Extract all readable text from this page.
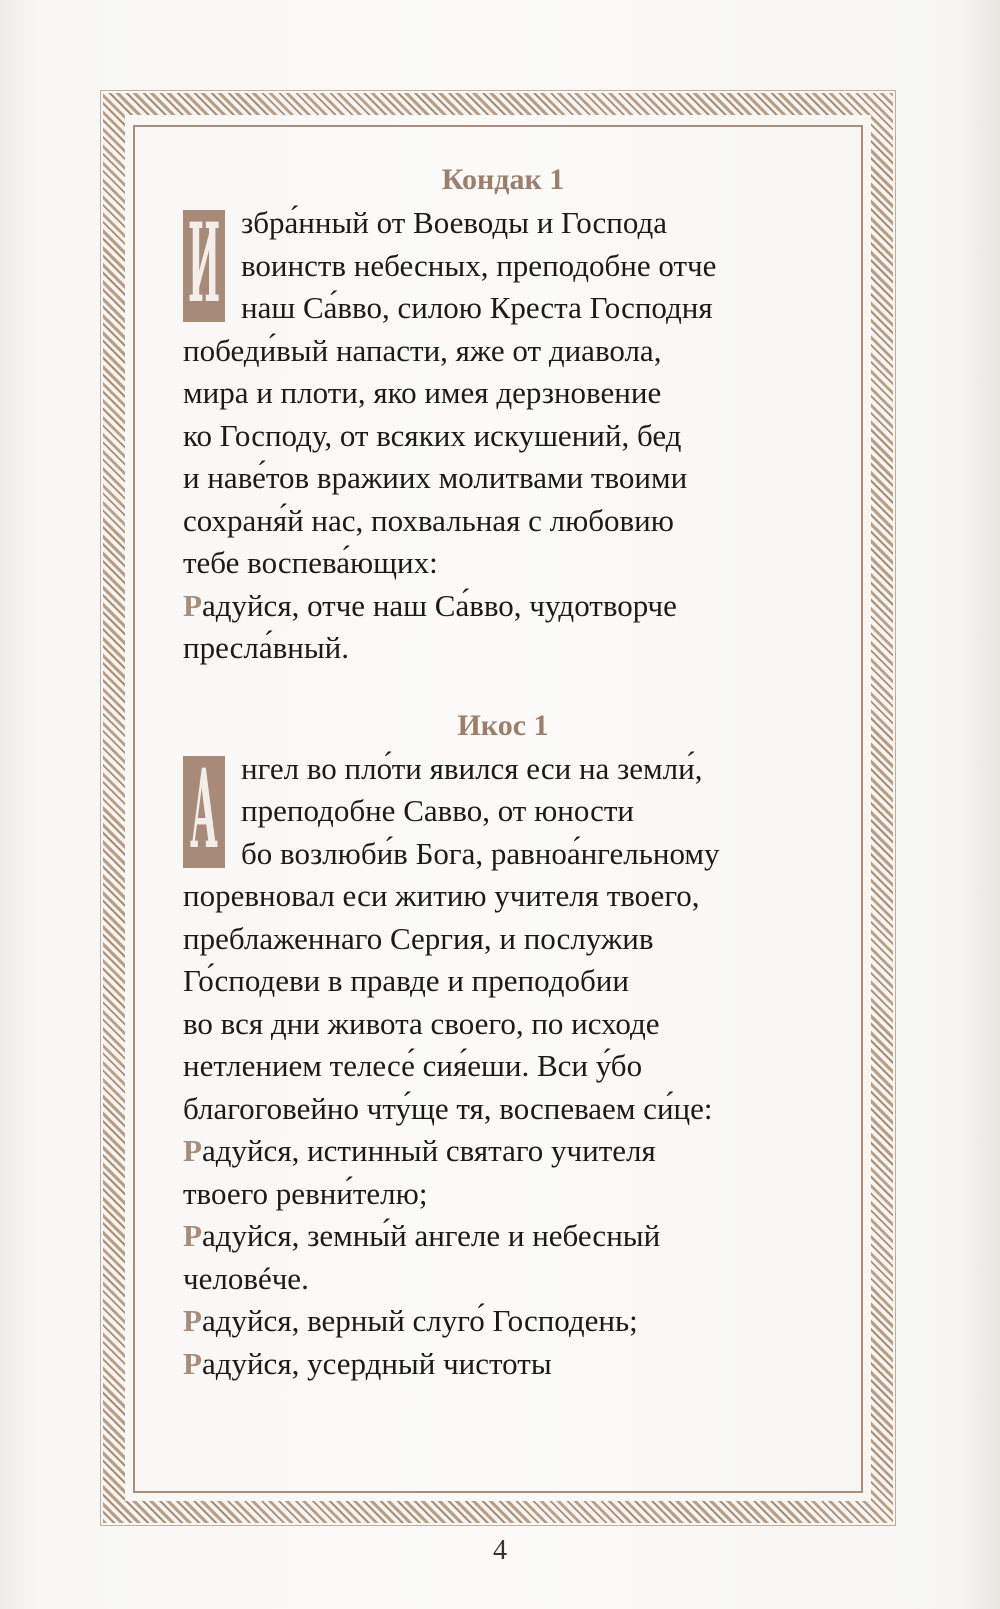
Кондак 1
И збра́нный от Воеводы и Господа
воинств небесных, преподобне отче
наш Са́вво, силою Креста Господня
победи́вый напасти, яже от диавола,
мира и плоти, яко имея дерзновение
ко Господу, от всяких искушений, бед
и наве́тов вражиих молитвами твоими
сохраня́й нас, похвальная с любовию
тебе воспева́ющих:
Радуйся, отче наш Са́вво, чудотворче
пресла́вный.
Икос 1
А нгел во пло́ти явился еси на земли́,
преподобне Савво, от юности
бо возлюби́в Бога, равноа́нгельному
поревновал еси житию учителя твоего,
преблаженнаго Сергия, и послужив
Го́сподеви в правде и преподобии
во вся дни живота своего, по исходе
нетлением телесе́ сия́еши. Вси у́бо
благоговейно чту́ще тя, воспеваем си́це:
Радуйся, истинный святаго учителя
твоего ревни́телю;
Радуйся, земны́й ангеле и небесный
человéче.
Радуйся, верный слуго́ Господень;
Радуйся, усердный чистоты
4
